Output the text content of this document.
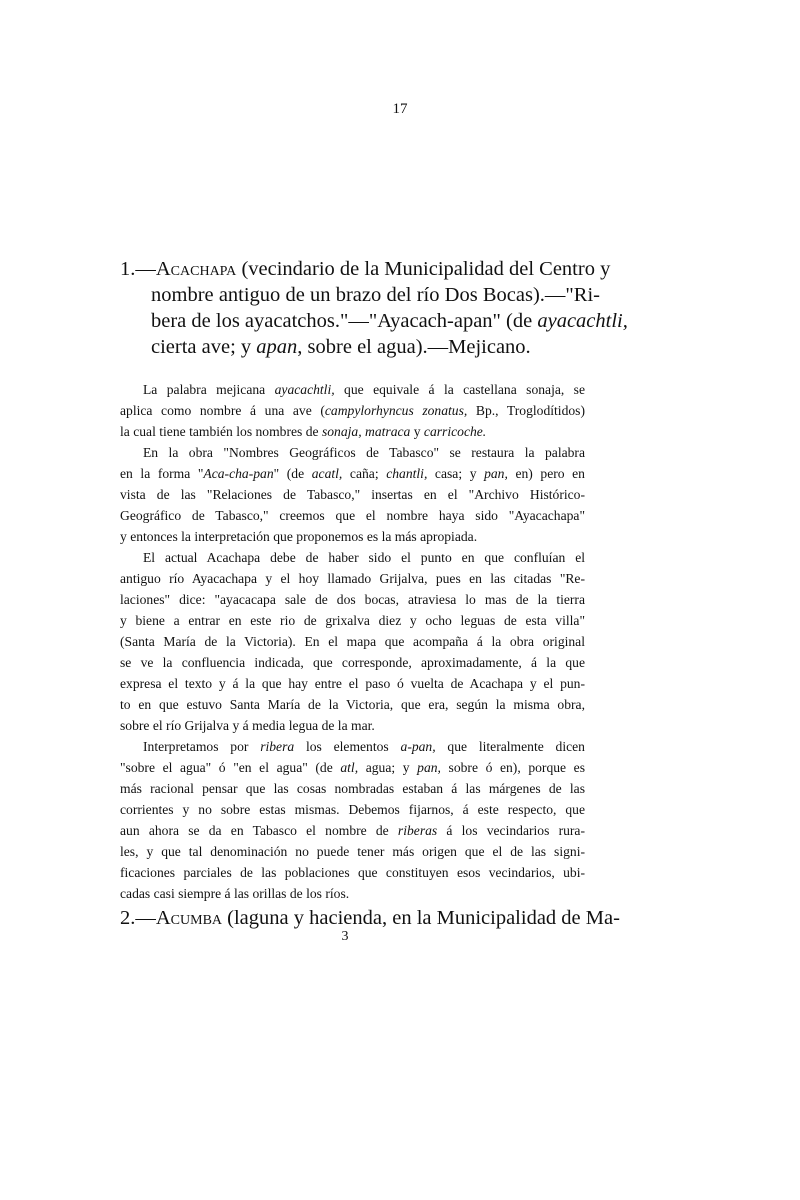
17
1.—Acachapa (vecindario de la Municipalidad del Centro y
nombre antiguo de un brazo del río Dos Bocas).—"Ri-
bera de los ayacatchos."—"Ayacach-apan" (de ayacachtli,
cierta ave; y apan, sobre el agua).—Mejicano.
La palabra mejicana ayacachtli, que equivale á la castellana sonaja, se
aplica como nombre á una ave (campylorhyncus zonatus, Bp., Troglodítidos)
la cual tiene también los nombres de sonaja, matraca y carricoche.
En la obra "Nombres Geográficos de Tabasco" se restaura la palabra
en la forma "Aca-cha-pan" (de acatl, caña; chantli, casa; y pan, en) pero en
vista de las "Relaciones de Tabasco," insertas en el "Archivo Histórico-
Geográfico de Tabasco," creemos que el nombre haya sido "Ayacachapa"
y entonces la interpretación que proponemos es la más apropiada.
El actual Acachapa debe de haber sido el punto en que confluían el
antiguo río Ayacachapa y el hoy llamado Grijalva, pues en las citadas "Re-
laciones" dice: "ayacacapa sale de dos bocas, atraviesa lo mas de la tierra
y biene a entrar en este rio de grixalva diez y ocho leguas de esta villa"
(Santa María de la Victoria). En el mapa que acompaña á la obra original
se ve la confluencia indicada, que corresponde, aproximadamente, á la que
expresa el texto y á la que hay entre el paso ó vuelta de Acachapa y el pun-
to en que estuvo Santa María de la Victoria, que era, según la misma obra,
sobre el río Grijalva y á media legua de la mar.
Interpretamos por ribera los elementos a-pan, que literalmente dicen
"sobre el agua" ó "en el agua" (de atl, agua; y pan, sobre ó en), porque es
más racional pensar que las cosas nombradas estaban á las márgenes de las
corrientes y no sobre estas mismas. Debemos fijarnos, á este respecto, que
aun ahora se da en Tabasco el nombre de riberas á los vecindarios rura-
les, y que tal denominación no puede tener más origen que el de las signi-
ficaciones parciales de las poblaciones que constituyen esos vecindarios, ubi-
cadas casi siempre á las orillas de los ríos.
2.—Acumba (laguna y hacienda, en la Municipalidad de Ma-
3
